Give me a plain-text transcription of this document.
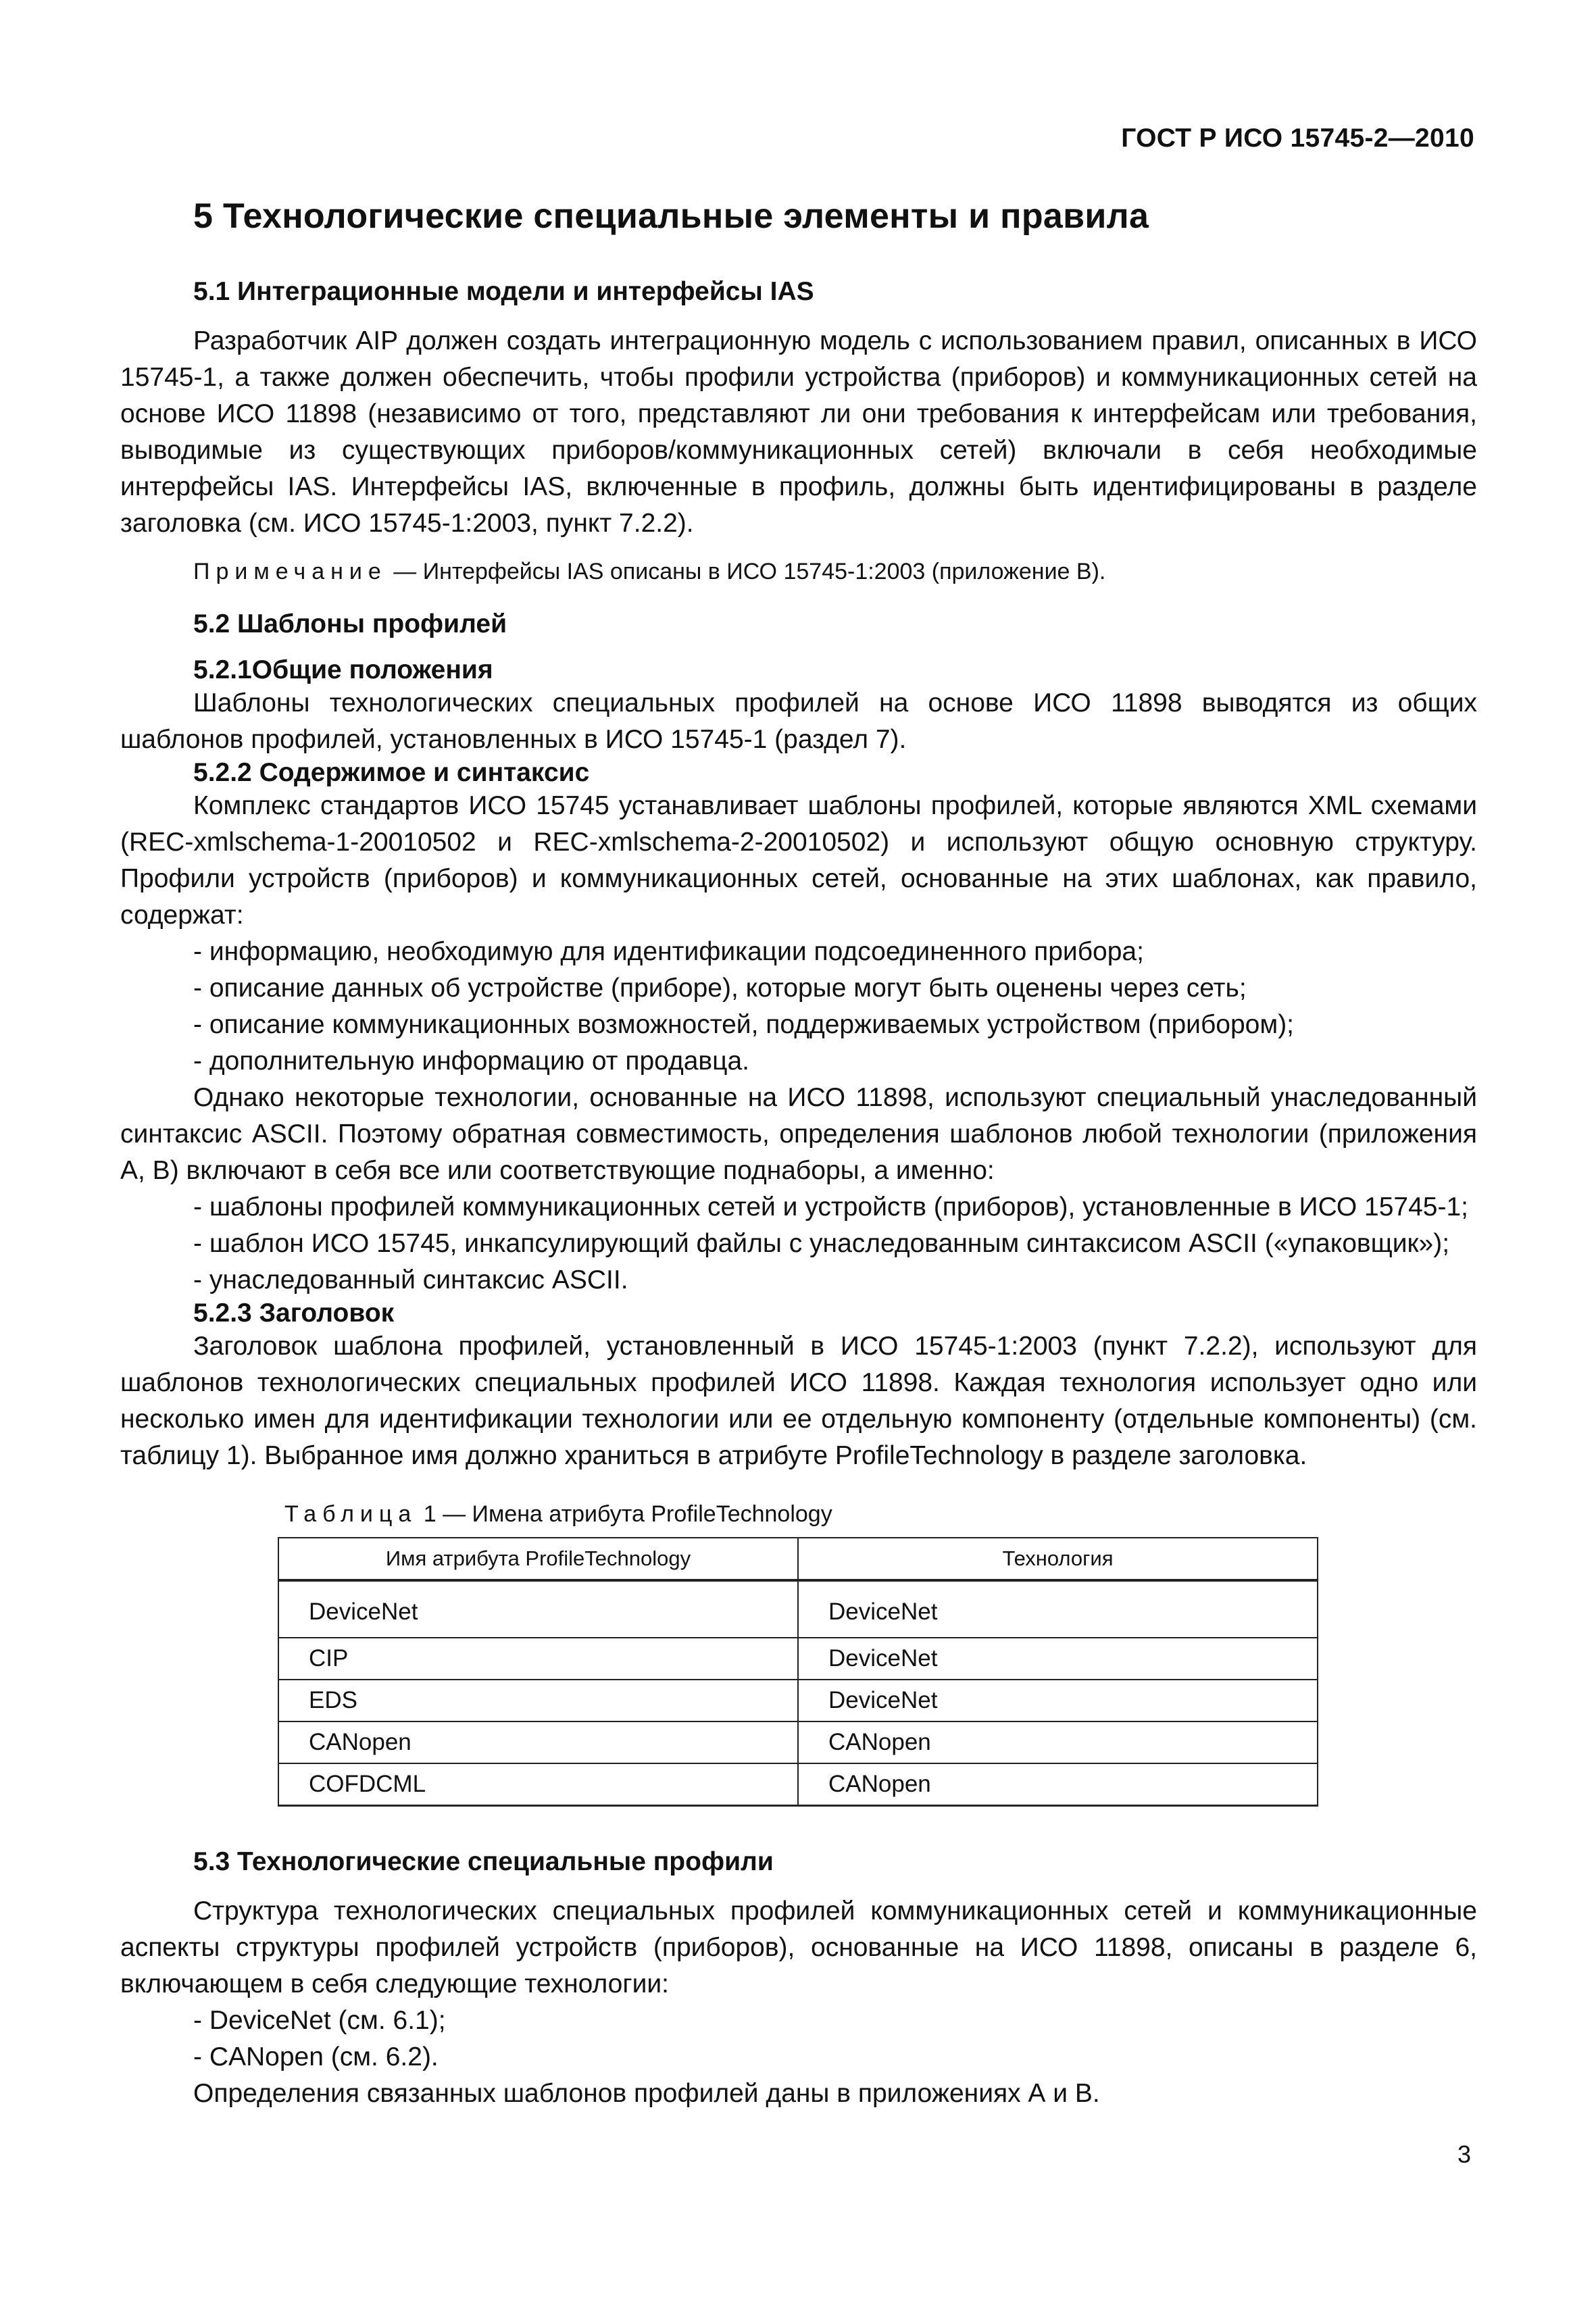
ГОСТ Р ИСО 15745-2—2010
5 Технологические специальные элементы и правила
5.1 Интеграционные модели и интерфейсы IAS

Разработчик AIP должен создать интеграционную модель с использованием правил, описанных в ИСО 15745-1, а также должен обеспечить, чтобы профили устройства (приборов) и коммуникационных сетей на основе ИСО 11898 (независимо от того, представляют ли они требования к интерфейсам или требования, выводимые из существующих приборов/коммуникационных сетей) включали в себя необходимые интерфейсы IAS. Интерфейсы IAS, включенные в профиль, должны быть идентифицированы в разделе заголовка (см. ИСО 15745-1:2003, пункт 7.2.2).

Примечание — Интерфейсы IAS описаны в ИСО 15745-1:2003 (приложение В).
5.2 Шаблоны профилей
5.2.1Общие положения

Шаблоны технологических специальных профилей на основе ИСО 11898 выводятся из общих шаблонов профилей, установленных в ИСО 15745-1 (раздел 7).

5.2.2 Содержимое и синтаксис

Комплекс стандартов ИСО 15745 устанавливает шаблоны профилей, которые являются XML схемами (REC-xmlschema-1-20010502 и REC-xmlschema-2-20010502) и используют общую основную структуру. Профили устройств (приборов) и коммуникационных сетей, основанные на этих шаблонах, как правило, содержат:

- информацию, необходимую для идентификации подсоединенного прибора;
- описание данных об устройстве (приборе), которые могут быть оценены через сеть;
- описание коммуникационных возможностей, поддерживаемых устройством (прибором);
- дополнительную информацию от продавца.

Однако некоторые технологии, основанные на ИСО 11898, используют специальный унаследованный синтаксис ASCII. Поэтому обратная совместимость, определения шаблонов любой технологии (приложения А, В) включают в себя все или соответствующие поднаборы, а именно:

- шаблоны профилей коммуникационных сетей и устройств (приборов), установленные в ИСО 15745-1;
- шаблон ИСО 15745, инкапсулирующий файлы с унаследованным синтаксисом ASCII («упаковщик»);
- унаследованный синтаксис ASCII.
5.2.3 Заголовок

Заголовок шаблона профилей, установленный в ИСО 15745-1:2003 (пункт 7.2.2), используют для шаблонов технологических специальных профилей ИСО 11898. Каждая технология использует одно или несколько имен для идентификации технологии или ее отдельную компоненту (отдельные компоненты) (см. таблицу 1). Выбранное имя должно храниться в атрибуте ProfileTechnology в разделе заголовка.

Таблица 1 — Имена атрибута ProfileTechnology
Имя атрибута ProfileTechnology	Технология
DeviceNet	DeviceNet
CIP	DeviceNet
EDS	DeviceNet
CANopen	CANopen
COFDCML	CANopen
5.3 Технологические специальные профили

Структура технологических специальных профилей коммуникационных сетей и коммуникационные аспекты структуры профилей устройств (приборов), основанные на ИСО 11898, описаны в разделе 6, включающем в себя следующие технологии:

- DeviceNet (см. 6.1);
- CANopen (см. 6.2).

Определения связанных шаблонов профилей даны в приложениях А и В.

3
